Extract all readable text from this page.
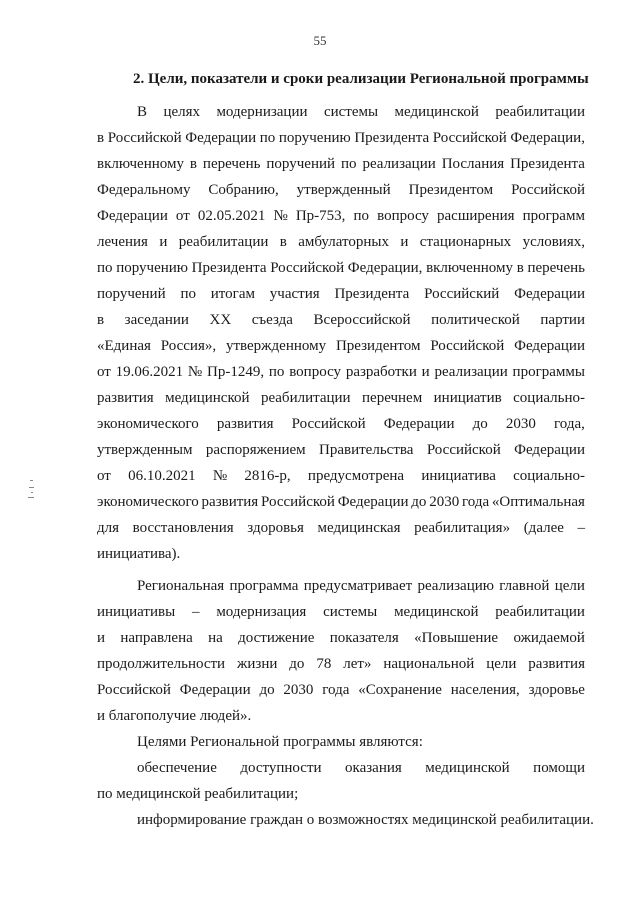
55
2. Цели, показатели и сроки реализации Региональной программы
В целях модернизации системы медицинской реабилитации
в Российской Федерации по поручению Президента Российской Федерации,
включенному в перечень поручений по реализации Послания Президента
Федеральному Собранию, утвержденный Президентом Российской
Федерации от 02.05.2021 № Пр-753, по вопросу расширения программ
лечения и реабилитации в амбулаторных и стационарных условиях,
по поручению Президента Российской Федерации, включенному в перечень
поручений по итогам участия Президента Российский Федерации
в заседании XX съезда Всероссийской политической партии
«Единая Россия», утвержденному Президентом Российской Федерации
от 19.06.2021 № Пр-1249, по вопросу разработки и реализации программы
развития медицинской реабилитации перечнем инициатив социально-
экономического развития Российской Федерации до 2030 года,
утвержденным распоряжением Правительства Российской Федерации
от 06.10.2021 № 2816-р, предусмотрена инициатива социально-
экономического развития Российской Федерации до 2030 года «Оптимальная
для восстановления здоровья медицинская реабилитация» (далее –
инициатива).
Региональная программа предусматривает реализацию главной цели
инициативы – модернизация системы медицинской реабилитации
и направлена на достижение показателя «Повышение ожидаемой
продолжительности жизни до 78 лет» национальной цели развития
Российской Федерации до 2030 года «Сохранение населения, здоровье
и благополучие людей».
Целями Региональной программы являются:
обеспечение доступности оказания медицинской помощи
по медицинской реабилитации;
информирование граждан о возможностях медицинской реабилитации.
